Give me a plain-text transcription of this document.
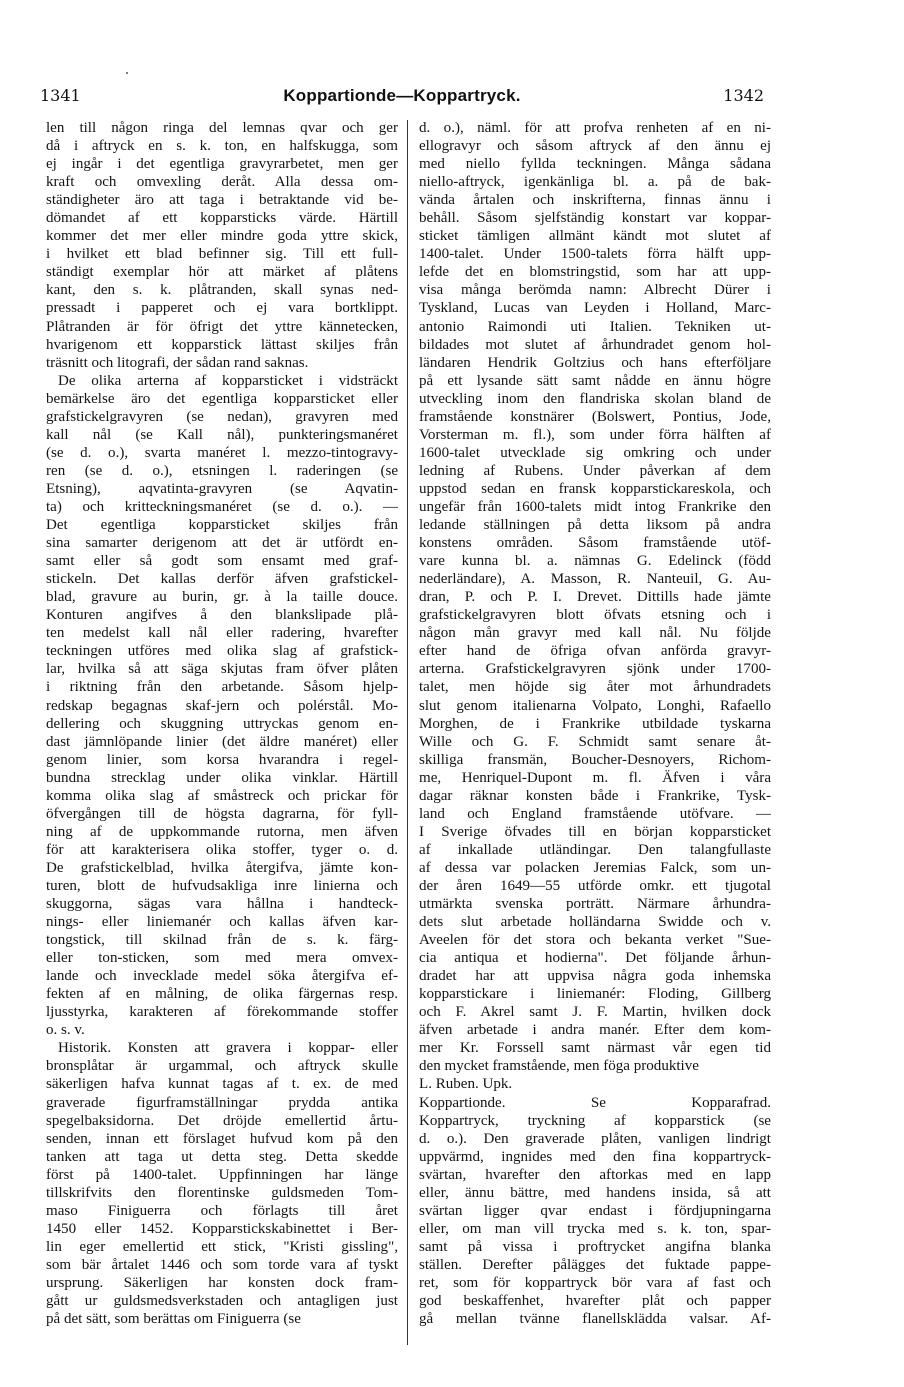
1341	Koppartionde—Koppartryck.	1342
len till någon ringa del lemnas qvar och ger
då i aftryck en s. k. ton, en halfskugga, som
ej ingår i det egentliga gravyrarbetet, men ger
kraft och omvexling deråt. Alla dessa om-
ständigheter äro att taga i betraktande vid be-
dömandet af ett kopparsticks värde. Härtill
kommer det mer eller mindre goda yttre skick,
i hvilket ett blad befinner sig. Till ett full-
ständigt exemplar hör att märket af plåtens
kant, den s. k. plåtranden, skall synas ned-
pressadt i papperet och ej vara bortklippt.
Plåtranden är för öfrigt det yttre kännetecken,
hvarigenom ett kopparstick lättast skiljes från
träsnitt och litografi, der sådan rand saknas.
De olika arterna af kopparsticket i vidsträckt
bemärkelse äro det egentliga kopparsticket eller
grafstickelgravyren (se nedan), gravyren med
kall nål (se Kall nål), punkteringsmanéret
(se d. o.), svarta manéret l. mezzo-tintogravy-
ren (se d. o.), etsningen l. raderingen (se
Etsning), aqvatinta-gravyren (se Aqvatin-
ta) och kritteckningsmanéret (se d. o.). —
Det egentliga kopparsticket skiljes från
sina samarter derigenom att det är utfördt en-
samt eller så godt som ensamt med graf-
stickeln. Det kallas derför äfven grafstickel-
blad, gravure au burin, gr. à la taille douce.
Konturen angifves å den blankslipade plå-
ten medelst kall nål eller radering, hvarefter
teckningen utföres med olika slag af grafstick-
lar, hvilka så att säga skjutas fram öfver plåten
i riktning från den arbetande. Såsom hjelp-
redskap begagnas skaf-jern och polérstål. Mo-
dellering och skuggning uttryckas genom en-
dast jämnlöpande linier (det äldre manéret) eller
genom linier, som korsa hvarandra i regel-
bundna strecklag under olika vinklar. Härtill
komma olika slag af småstreck och prickar för
öfvergången till de högsta dagrarna, för fyll-
ning af de uppkommande rutorna, men äfven
för att karakterisera olika stoffer, tyger o. d.
De grafstickelblad, hvilka återgifva, jämte kon-
turen, blott de hufvudsakliga inre linierna och
skuggorna, sägas vara hållna i handteck-
nings- eller liniemanér och kallas äfven kar-
tongstick, till skilnad från de s. k. färg-
eller ton-sticken, som med mera omvex-
lande och invecklade medel söka återgifva ef-
fekten af en målning, de olika färgernas resp.
ljusstyrka, karakteren af förekommande stoffer
o. s. v.
Historik. Konsten att gravera i koppar- eller
bronsplåtar är urgammal, och aftryck skulle
säkerligen hafva kunnat tagas af t. ex. de med
graverade figurframställningar prydda antika
spegelbaksidorna. Det dröjde emellertid årtu-
senden, innan ett förslaget hufvud kom på den
tanken att taga ut detta steg. Detta skedde
först på 1400-talet. Uppfinningen har länge
tillskrifvits den florentinske guldsmeden Tom-
maso Finiguerra och förlagts till året
1450 eller 1452. Kopparstickskabinettet i Ber-
lin eger emellertid ett stick, "Kristi gissling",
som bär årtalet 1446 och som torde vara af tyskt
ursprung. Säkerligen har konsten dock fram-
gått ur guldsmedsverkstaden och antagligen just
på det sätt, som berättas om Finiguerra (se
d. o.), näml. för att profva renheten af en ni-
ellogravyr och såsom aftryck af den ännu ej
med niello fyllda teckningen. Många sådana
niello-aftryck, igenkänliga bl. a. på de bak-
vända årtalen och inskrifterna, finnas ännu i
behåll. Såsom sjelfständig konstart var koppar-
sticket tämligen allmänt kändt mot slutet af
1400-talet. Under 1500-talets förra hälft upp-
lefde det en blomstringstid, som har att upp-
visa många berömda namn: Albrecht Dürer i
Tyskland, Lucas van Leyden i Holland, Marc-
antonio Raimondi uti Italien. Tekniken ut-
bildades mot slutet af århundradet genom hol-
ländaren Hendrik Goltzius och hans efterföljare
på ett lysande sätt samt nådde en ännu högre
utveckling inom den flandriska skolan bland de
framstående konstnärer (Bolswert, Pontius, Jode,
Vorsterman m. fl.), som under förra hälften af
1600-talet utvecklade sig omkring och under
ledning af Rubens. Under påverkan af dem
uppstod sedan en fransk kopparstickareskola, och
ungefär från 1600-talets midt intog Frankrike den
ledande ställningen på detta liksom på andra
konstens områden. Såsom framstående utöf-
vare kunna bl. a. nämnas G. Edelinck (född
nederländare), A. Masson, R. Nanteuil, G. Au-
dran, P. och P. I. Drevet. Dittills hade jämte
grafstickelgravyren blott öfvats etsning och i
någon mån gravyr med kall nål. Nu följde
efter hand de öfriga ofvan anförda gravyr-
arterna. Grafstickelgravyren sjönk under 1700-
talet, men höjde sig åter mot århundradets
slut genom italienarna Volpato, Longhi, Rafaello
Morghen, de i Frankrike utbildade tyskarna
Wille och G. F. Schmidt samt senare åt-
skilliga fransmän, Boucher-Desnoyers, Richom-
me, Henriquel-Dupont m. fl. Äfven i våra
dagar räknar konsten både i Frankrike, Tysk-
land och England framstående utöfvare. —
I Sverige öfvades till en början kopparsticket
af inkallade utländingar. Den talangfullaste
af dessa var polacken Jeremias Falck, som un-
der åren 1649—55 utförde omkr. ett tjugotal
utmärkta svenska porträtt. Närmare århundra-
dets slut arbetade holländarna Swidde och v.
Aveelen för det stora och bekanta verket "Sue-
cia antiqua et hodierna". Det följande århun-
dradet har att uppvisa några goda inhemska
kopparstickare i liniemanér: Floding, Gillberg
och F. Akrel samt J. F. Martin, hvilken dock
äfven arbetade i andra manér. Efter dem kom-
mer Kr. Forssell samt närmast vår egen tid
den mycket framstående, men föga produktive
L. Ruben. Upk.
Koppartionde. Se Kopparafrad.
Koppartryck, tryckning af kopparstick (se
d. o.). Den graverade plåten, vanligen lindrigt
uppvärmd, ingnides med den fina koppartryck-
svärtan, hvarefter den aftorkas med en lapp
eller, ännu bättre, med handens insida, så att
svärtan ligger qvar endast i fördjupningarna
eller, om man vill trycka med s. k. ton, spar-
samt på vissa i proftrycket angifna blanka
ställen. Derefter pålägges det fuktade pappe-
ret, som för koppartryck bör vara af fast och
god beskaffenhet, hvarefter plåt och papper
gå mellan tvänne flanellsklädda valsar. Af-
